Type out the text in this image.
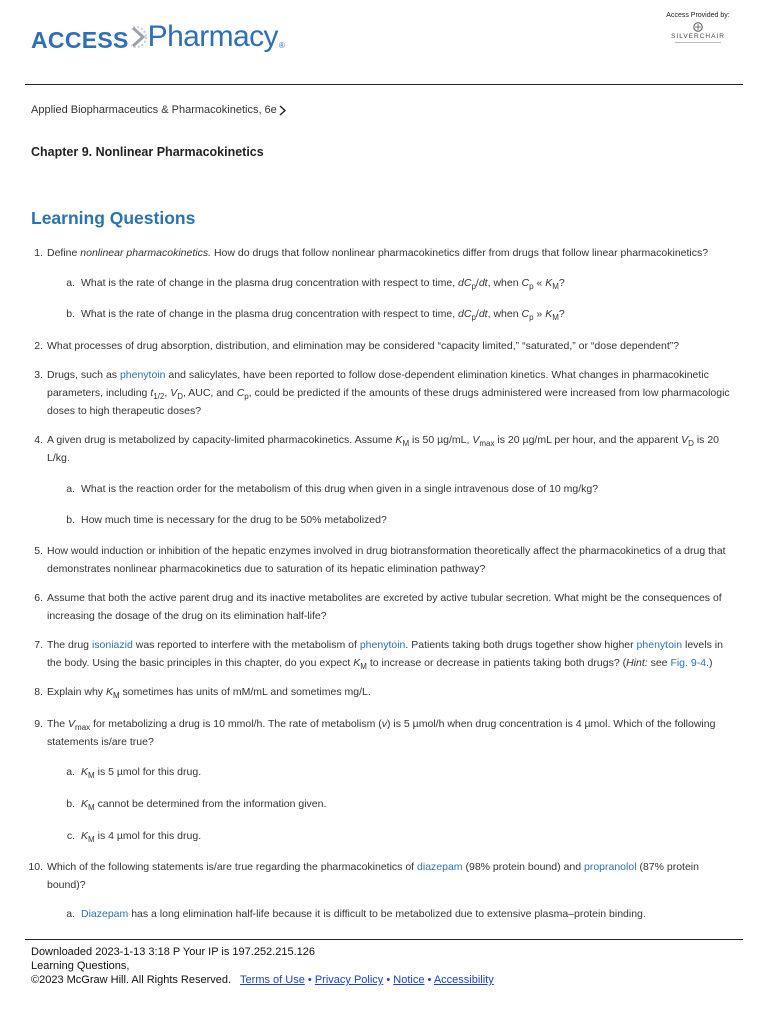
ACCESS Pharmacy ®
Access Provided by:
SILVERCHAIR
Applied Biopharmaceutics & Pharmacokinetics, 6e
Chapter 9. Nonlinear Pharmacokinetics
Learning Questions
1. Define nonlinear pharmacokinetics. How do drugs that follow nonlinear pharmacokinetics differ from drugs that follow linear pharmacokinetics?
a. What is the rate of change in the plasma drug concentration with respect to time, $dC_p/dt$, when $C_p$ « $K_M$?
b. What is the rate of change in the plasma drug concentration with respect to time, $dC_p/dt$, when $C_p$ » $K_M$?
2. What processes of drug absorption, distribution, and elimination may be considered “capacity limited,” “saturated,” or “dose dependent”?
3. Drugs, such as phenytoin and salicylates, have been reported to follow dose-dependent elimination kinetics. What changes in pharmacokinetic parameters, including $t_{1/2}$, $V_D$, AUC, and $C_p$, could be predicted if the amounts of these drugs administered were increased from low pharmacologic doses to high therapeutic doses?
4. A given drug is metabolized by capacity-limited pharmacokinetics. Assume $K_M$ is 50 µg/mL, $V_{max}$ is 20 µg/mL per hour, and the apparent $V_D$ is 20 L/kg.
a. What is the reaction order for the metabolism of this drug when given in a single intravenous dose of 10 mg/kg?
b. How much time is necessary for the drug to be 50% metabolized?
5. How would induction or inhibition of the hepatic enzymes involved in drug biotransformation theoretically affect the pharmacokinetics of a drug that demonstrates nonlinear pharmacokinetics due to saturation of its hepatic elimination pathway?
6. Assume that both the active parent drug and its inactive metabolites are excreted by active tubular secretion. What might be the consequences of increasing the dosage of the drug on its elimination half-life?
7. The drug isoniazid was reported to interfere with the metabolism of phenytoin. Patients taking both drugs together show higher phenytoin levels in the body. Using the basic principles in this chapter, do you expect $K_M$ to increase or decrease in patients taking both drugs? (Hint: see Fig. 9-4.)
8. Explain why $K_M$ sometimes has units of mM/mL and sometimes mg/L.
9. The $V_{max}$ for metabolizing a drug is 10 mmol/h. The rate of metabolism (v) is 5 µmol/h when drug concentration is 4 µmol. Which of the following statements is/are true?
a. $K_M$ is 5 µmol for this drug.
b. $K_M$ cannot be determined from the information given.
c. $K_M$ is 4 µmol for this drug.
10. Which of the following statements is/are true regarding the pharmacokinetics of diazepam (98% protein bound) and propranolol (87% protein bound)?
a. Diazepam has a long elimination half-life because it is difficult to be metabolized due to extensive plasma–protein binding.
Downloaded 2023-1-13 3:18 P Your IP is 197.252.215.126
Learning Questions,
©2023 McGraw Hill. All Rights Reserved. Terms of Use • Privacy Policy • Notice • Accessibility
